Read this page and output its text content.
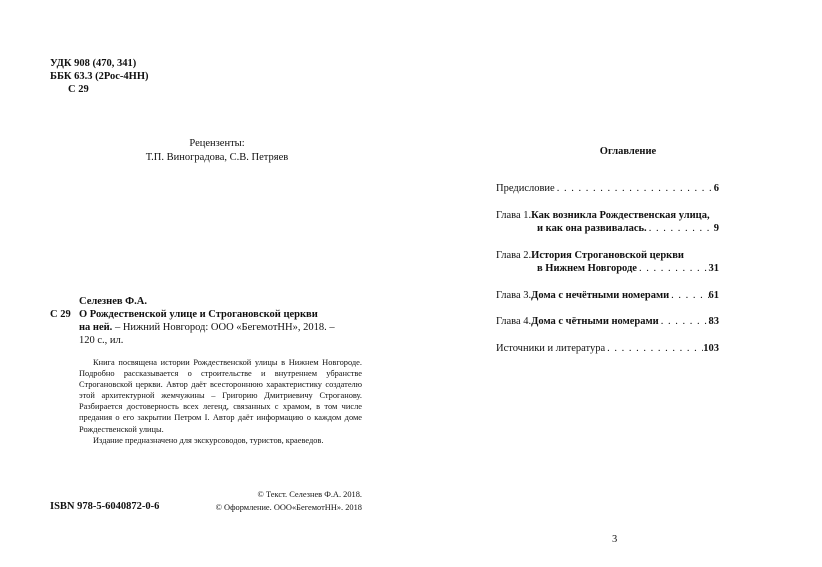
УДК 908 (470, 341)
ББК 63.3 (2Рос-4НН)
С 29
Рецензенты:
Т.П. Виноградова, С.В. Петряев
Селезнев Ф.А.
С 29 О Рождественской улице и Строгановской церкви
на ней. – Нижний Новгород: ООО «БегемотНН», 2018. –
120 с., ил.

Книга посвящена истории Рождественской улицы в Нижнем Новгороде. Подробно рассказывается о строительстве и внутреннем убранстве Строгановской церкви. Автор даёт всестороннюю характеристику создателю этой архитектурной жемчужины – Григорию Дмитриевичу Строганову. Разбирается достоверность всех легенд, связанных с храмом, в том числе предания о его закрытии Петром I. Автор даёт информацию о каждом доме Рождественской улицы.

Издание предназначено для экскурсоводов, туристов, краеведов.

© Текст. Селезнев Ф.А. 2018.
© Оформление. ООО«БегемотНН». 2018
ISBN 978-5-6040872-0-6
Оглавление
Предисловие . . .	6
Глава 1. Как возникла Рождественская улица,
и как она развивалась. . . .	9
Глава 2. История Строгановской церкви
в Нижнем Новгороде . . .	31
Глава 3. Дома с нечётными номерами . . .	61
Глава 4. Дома с чётными номерами . . .	83
Источники и литература . . .	103
3
